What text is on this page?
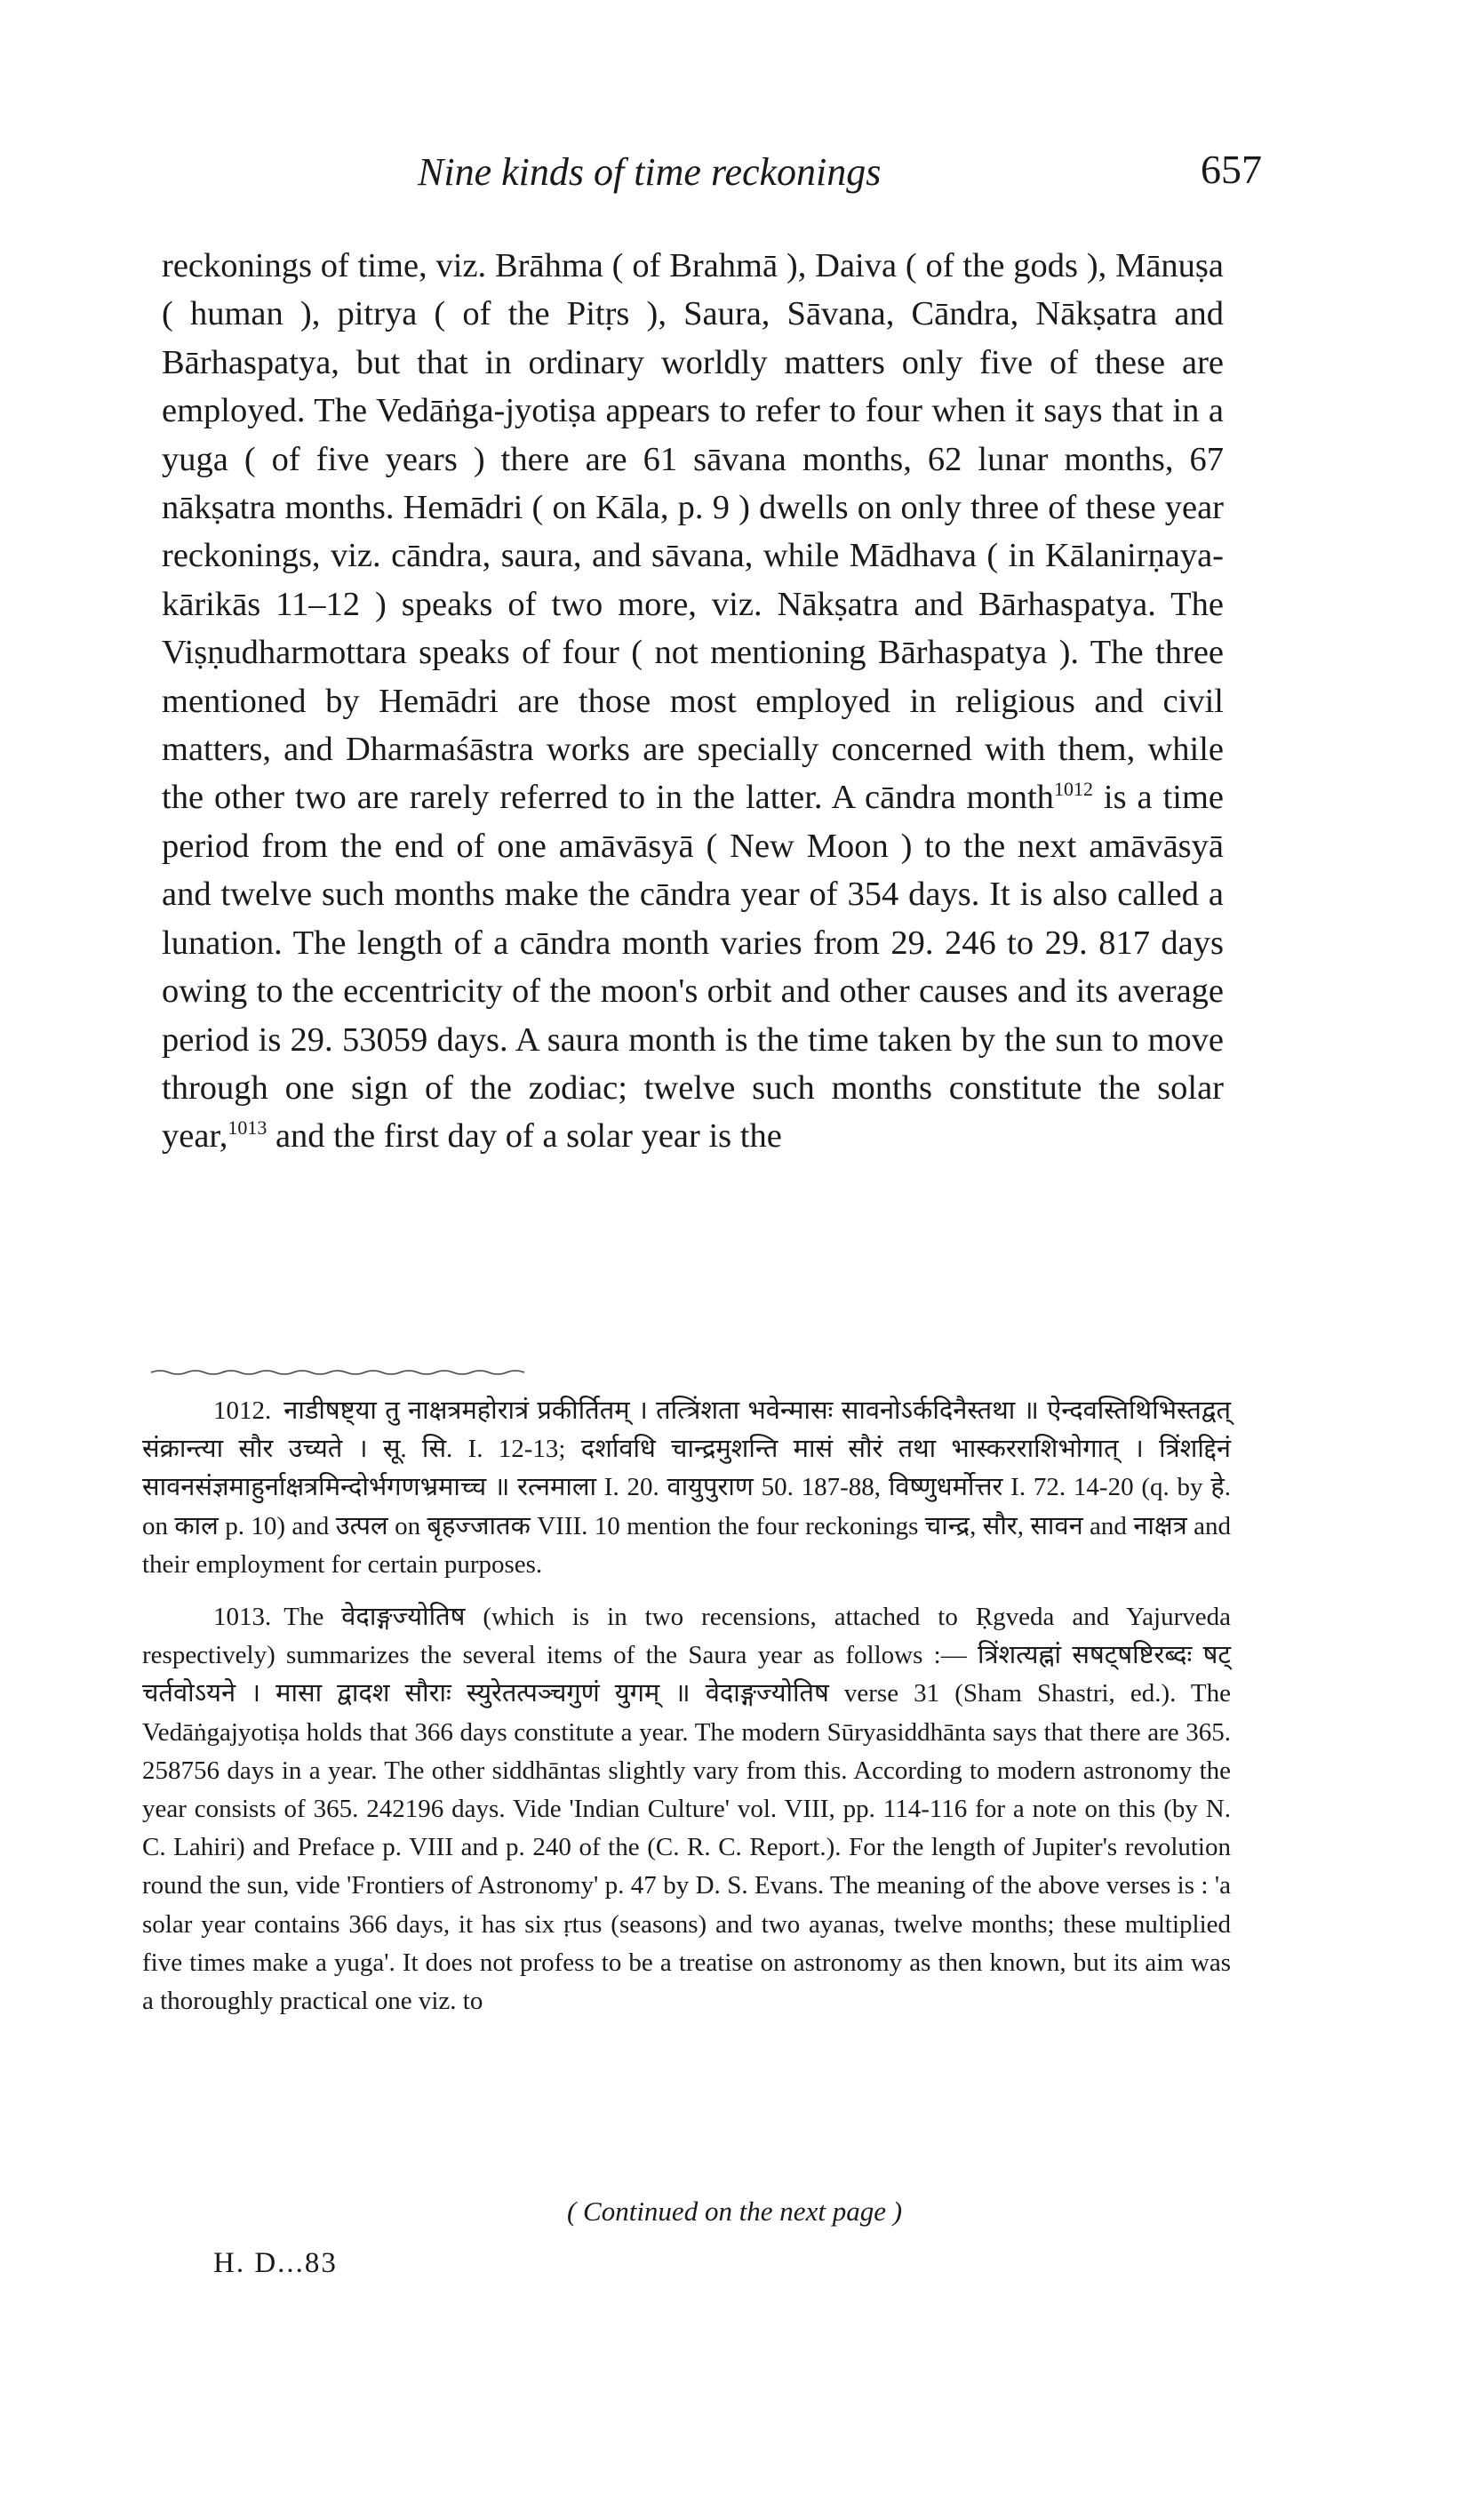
Nine kinds of time reckonings	657
reckonings of time, viz. Brāhma ( of Brahmā ), Daiva ( of the gods ), Mānuṣa ( human ), pitrya ( of the Pitṛs ), Saura, Sāvana, Cāndra, Nākṣatra and Bārhaspatya, but that in ordinary worldly matters only five of these are employed. The Vedāṅga-jyotiṣa appears to refer to four when it says that in a yuga ( of five years ) there are 61 sāvana months, 62 lunar months, 67 nākṣatra months. Hemādri ( on Kāla, p. 9 ) dwells on only three of these year reckonings, viz. cāndra, saura, and sāvana, while Mādhava ( in Kālanirṇaya-kārikās 11–12 ) speaks of two more, viz. Nākṣatra and Bārhaspatya. The Viṣṇudharmottara speaks of four ( not mentioning Bārhaspatya ). The three mentioned by Hemādri are those most employed in religious and civil matters, and Dharmaśāstra works are specially concerned with them, while the other two are rarely referred to in the latter. A cāndra month$^{1012}$ is a time period from the end of one amāvāsyā ( New Moon ) to the next amāvāsyā and twelve such months make the cāndra year of 354 days. It is also called a lunation. The length of a cāndra month varies from 29. 246 to 29. 817 days owing to the eccentricity of the moon's orbit and other causes and its average period is 29. 53059 days. A saura month is the time taken by the sun to move through one sign of the zodiac; twelve such months constitute the solar year,$^{1013}$ and the first day of a solar year is the

1012. नाडीषष्ट्या तु नाक्षत्रमहोरात्रं प्रकीर्तितम् । तत्त्रिंशता भवेन्मासः सावनोऽर्कदिनैस्तथा ॥ ऐन्दवस्तिथिभिस्तद्वत् संक्रान्त्या सौर उच्यते । सू. सि. I. 12-13; दर्शावधि चान्द्रमुशन्ति मासं सौरं तथा भास्करराशिभोगात् । त्रिंशद्दिनं सावनसंज्ञमाहुर्नाक्षत्रमिन्दोर्भगणभ्रमाच्च ॥ रत्नमाला I. 20. वायुपुराण 50. 187-88, विष्णुधर्मोत्तर I. 72. 14-20 (q. by हे. on काल p. 10) and उत्पल on बृहज्जातक VIII. 10 mention the four reckonings चान्द्र, सौर, सावन and नाक्षत्र and their employment for certain purposes.

1013. The वेदाङ्गज्योतिष (which is in two recensions, attached to Ṛgveda and Yajurveda respectively) summarizes the several items of the Saura year as follows :— त्रिंशत्यह्नां सषट्षष्टिरब्दः षट् चर्तवोऽयने । मासा द्वादश सौराः स्युरेतत्पञ्चगुणं युगम् ॥ वेदाङ्गज्योतिष verse 31 (Sham Shastri, ed.). The Vedāṅgajyotiṣa holds that 366 days constitute a year. The modern Sūryasiddhānta says that there are 365. 258756 days in a year. The other siddhāntas slightly vary from this. According to modern astronomy the year consists of 365. 242196 days. Vide 'Indian Culture' vol. VIII, pp. 114-116 for a note on this (by N. C. Lahiri) and Preface p. VIII and p. 240 of the (C. R. C. Report.). For the length of Jupiter's revolution round the sun, vide 'Frontiers of Astronomy' p. 47 by D. S. Evans. The meaning of the above verses is : 'a solar year contains 366 days, it has six ṛtus (seasons) and two ayanas, twelve months; these multiplied five times make a yuga'. It does not profess to be a treatise on astronomy as then known, but its aim was a thoroughly practical one viz. to

( Continued on the next page )
H. D...83
